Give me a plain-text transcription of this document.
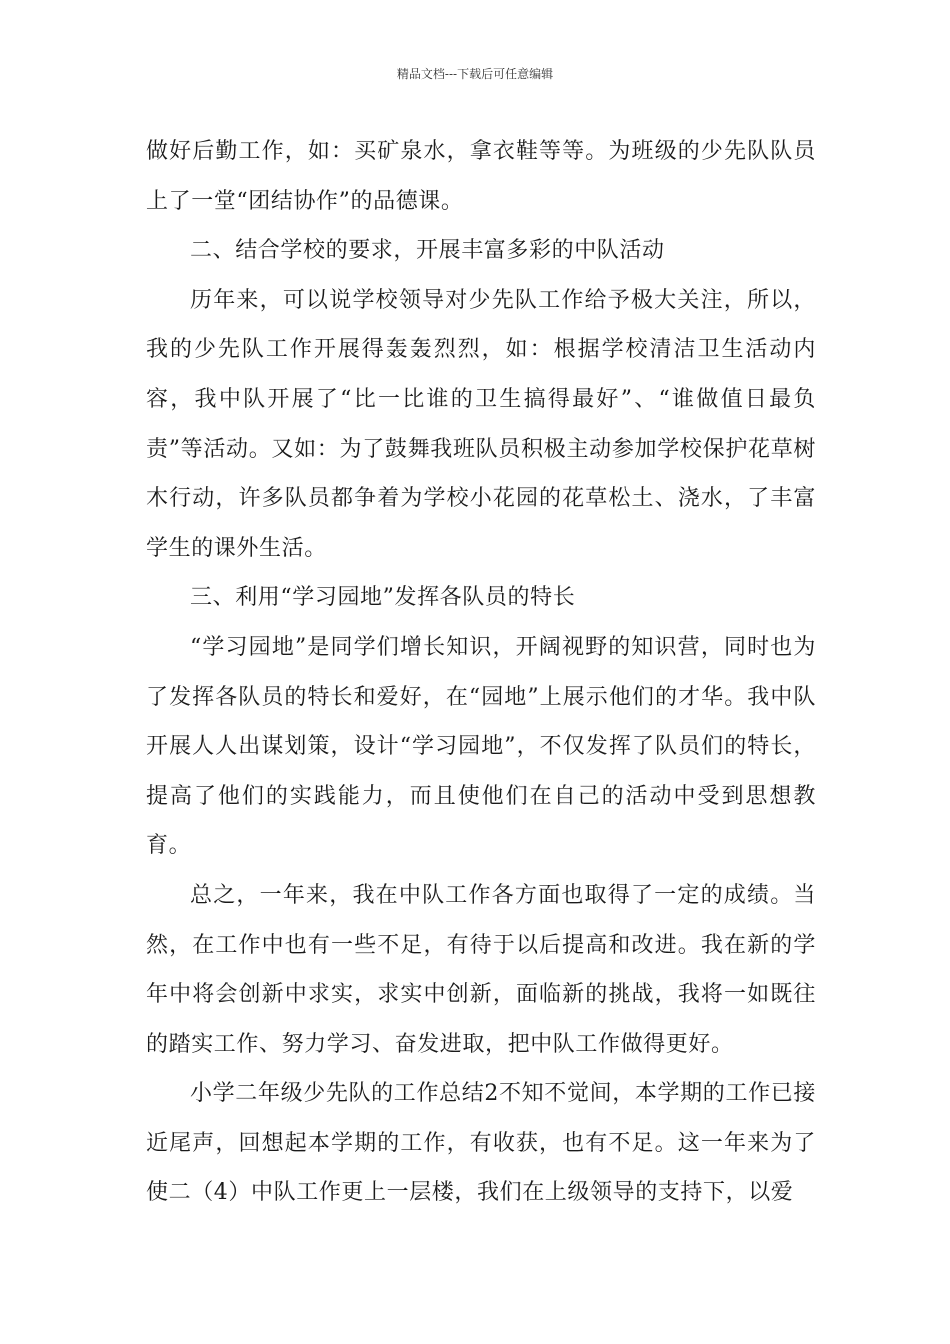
精品文档---下载后可任意编辑

做好后勤工作，如：买矿泉水，拿衣鞋等等。为班级的少先队队员上了一堂“团结协作”的品德课。

二、结合学校的要求，开展丰富多彩的中队活动

历年来，可以说学校领导对少先队工作给予极大关注，所以，我的少先队工作开展得轰轰烈烈，如：根据学校清洁卫生活动内容，我中队开展了“比一比谁的卫生搞得最好”、“谁做值日最负责”等活动。又如：为了鼓舞我班队员积极主动参加学校保护花草树木行动，许多队员都争着为学校小花园的花草松土、浇水，了丰富学生的课外生活。

三、利用“学习园地”发挥各队员的特长

“学习园地”是同学们增长知识，开阔视野的知识营，同时也为了发挥各队员的特长和爱好，在“园地”上展示他们的才华。我中队开展人人出谋划策，设计“学习园地”，不仅发挥了队员们的特长，提高了他们的实践能力，而且使他们在自己的活动中受到思想教育。

总之，一年来，我在中队工作各方面也取得了一定的成绩。当然，在工作中也有一些不足，有待于以后提高和改进。我在新的学年中将会创新中求实，求实中创新，面临新的挑战，我将一如既往的踏实工作、努力学习、奋发进取，把中队工作做得更好。

小学二年级少先队的工作总结2不知不觉间，本学期的工作已接近尾声，回想起本学期的工作，有收获，也有不足。这一年来为了使二（4）中队工作更上一层楼，我们在上级领导的支持下，以爱
